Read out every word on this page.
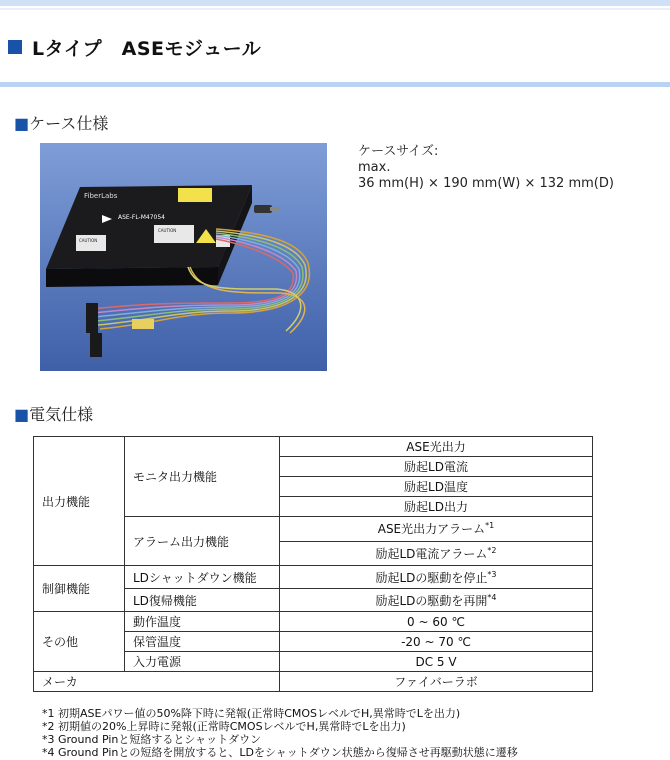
Lタイプ　ASEモジュール
■ケース仕様
FiberLabs
ASE-FL-M47054
CAUTION
CAUTION
ケースサイズ:
max.
36 mm(H) × 190 mm(W) × 132 mm(D)
■電気仕様
出力機能	モニタ出力機能	ASE光出力
		励起LD電流
		励起LD温度
		励起LD出力
	アラーム出力機能	ASE光出力アラーム$^{*1}$
		励起LD電流アラーム$^{*2}$
制御機能	LDシャットダウン機能	励起LDの駆動を停止$^{*3}$
	LD復帰機能	励起LDの駆動を再開$^{*4}$
その他	動作温度	0 ~ 60 ℃
	保管温度	-20 ~ 70 ℃
	入力電源	DC 5 V
メーカ		ファイバーラボ
*1 初期ASEパワー値の50%降下時に発報(正常時CMOSレベルでH,異常時でLを出力)
*2 初期値の20%上昇時に発報(正常時CMOSレベルでH,異常時でLを出力)
*3 Ground Pinと短絡するとシャットダウン
*4 Ground Pinとの短絡を開放すると、LDをシャットダウン状態から復帰させ再駆動状態に遷移
